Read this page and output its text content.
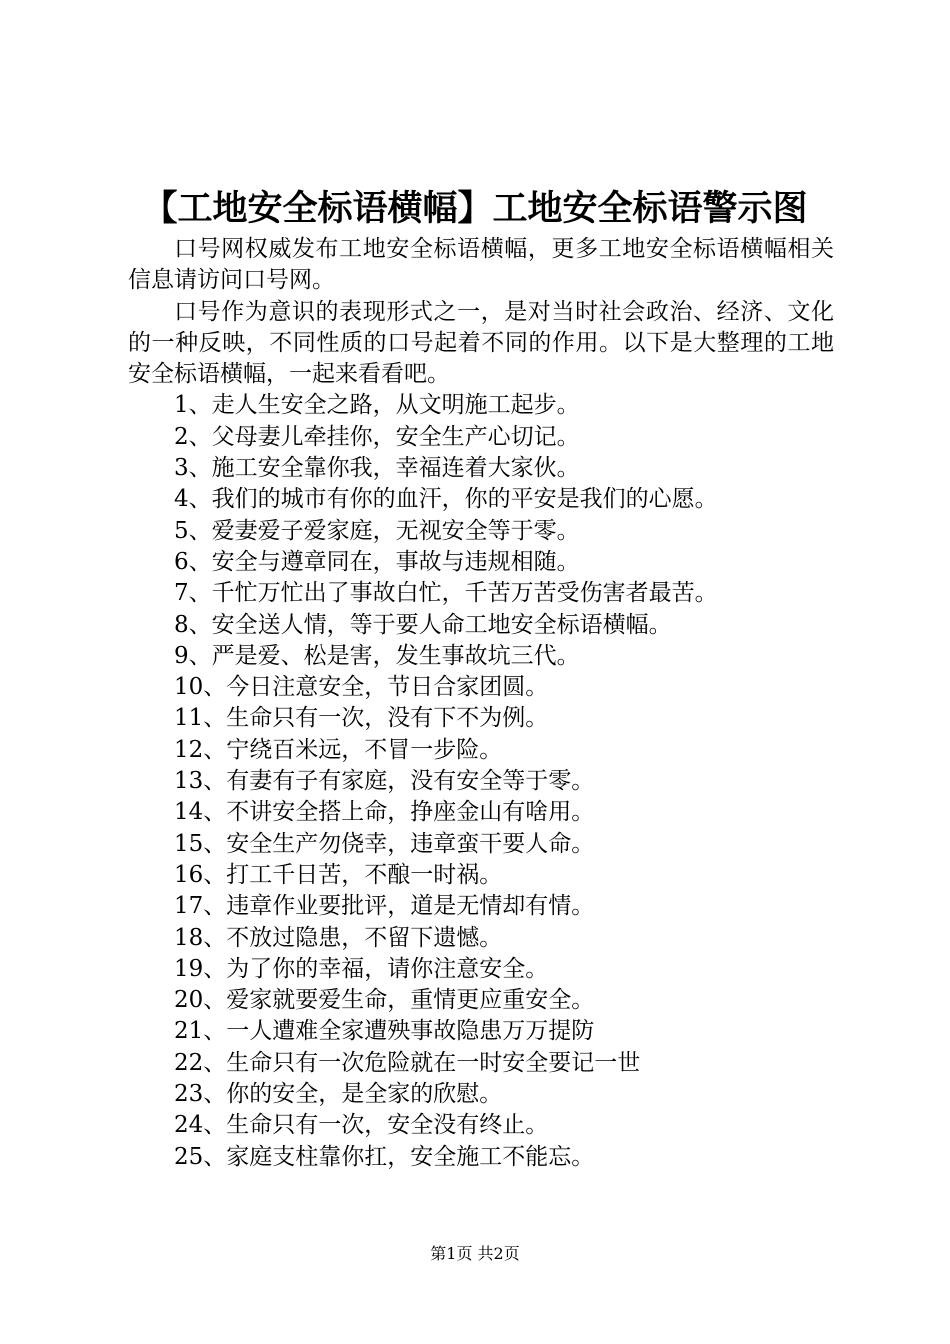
【工地安全标语横幅】工地安全标语警示图

口号网权威发布工地安全标语横幅，更多工地安全标语横幅相关信息请访问口号网。

口号作为意识的表现形式之一，是对当时社会政治、经济、文化的一种反映，不同性质的口号起着不同的作用。以下是大整理的工地安全标语横幅，一起来看看吧。

1、走人生安全之路，从文明施工起步。
2、父母妻儿牵挂你，安全生产心切记。
3、施工安全靠你我，幸福连着大家伙。
4、我们的城市有你的血汗，你的平安是我们的心愿。
5、爱妻爱子爱家庭，无视安全等于零。
6、安全与遵章同在，事故与违规相随。
7、千忙万忙出了事故白忙，千苦万苦受伤害者最苦。
8、安全送人情，等于要人命工地安全标语横幅。
9、严是爱、松是害，发生事故坑三代。
10、今日注意安全，节日合家团圆。
11、生命只有一次，没有下不为例。
12、宁绕百米远，不冒一步险。
13、有妻有子有家庭，没有安全等于零。
14、不讲安全搭上命，挣座金山有啥用。
15、安全生产勿侥幸，违章蛮干要人命。
16、打工千日苦，不酿一时祸。
17、违章作业要批评，道是无情却有情。
18、不放过隐患，不留下遗憾。
19、为了你的幸福，请你注意安全。
20、爱家就要爱生命，重情更应重安全。
21、一人遭难全家遭殃事故隐患万万提防
22、生命只有一次危险就在一时安全要记一世
23、你的安全，是全家的欣慰。
24、生命只有一次，安全没有终止。
25、家庭支柱靠你扛，安全施工不能忘。
第1页 共2页
